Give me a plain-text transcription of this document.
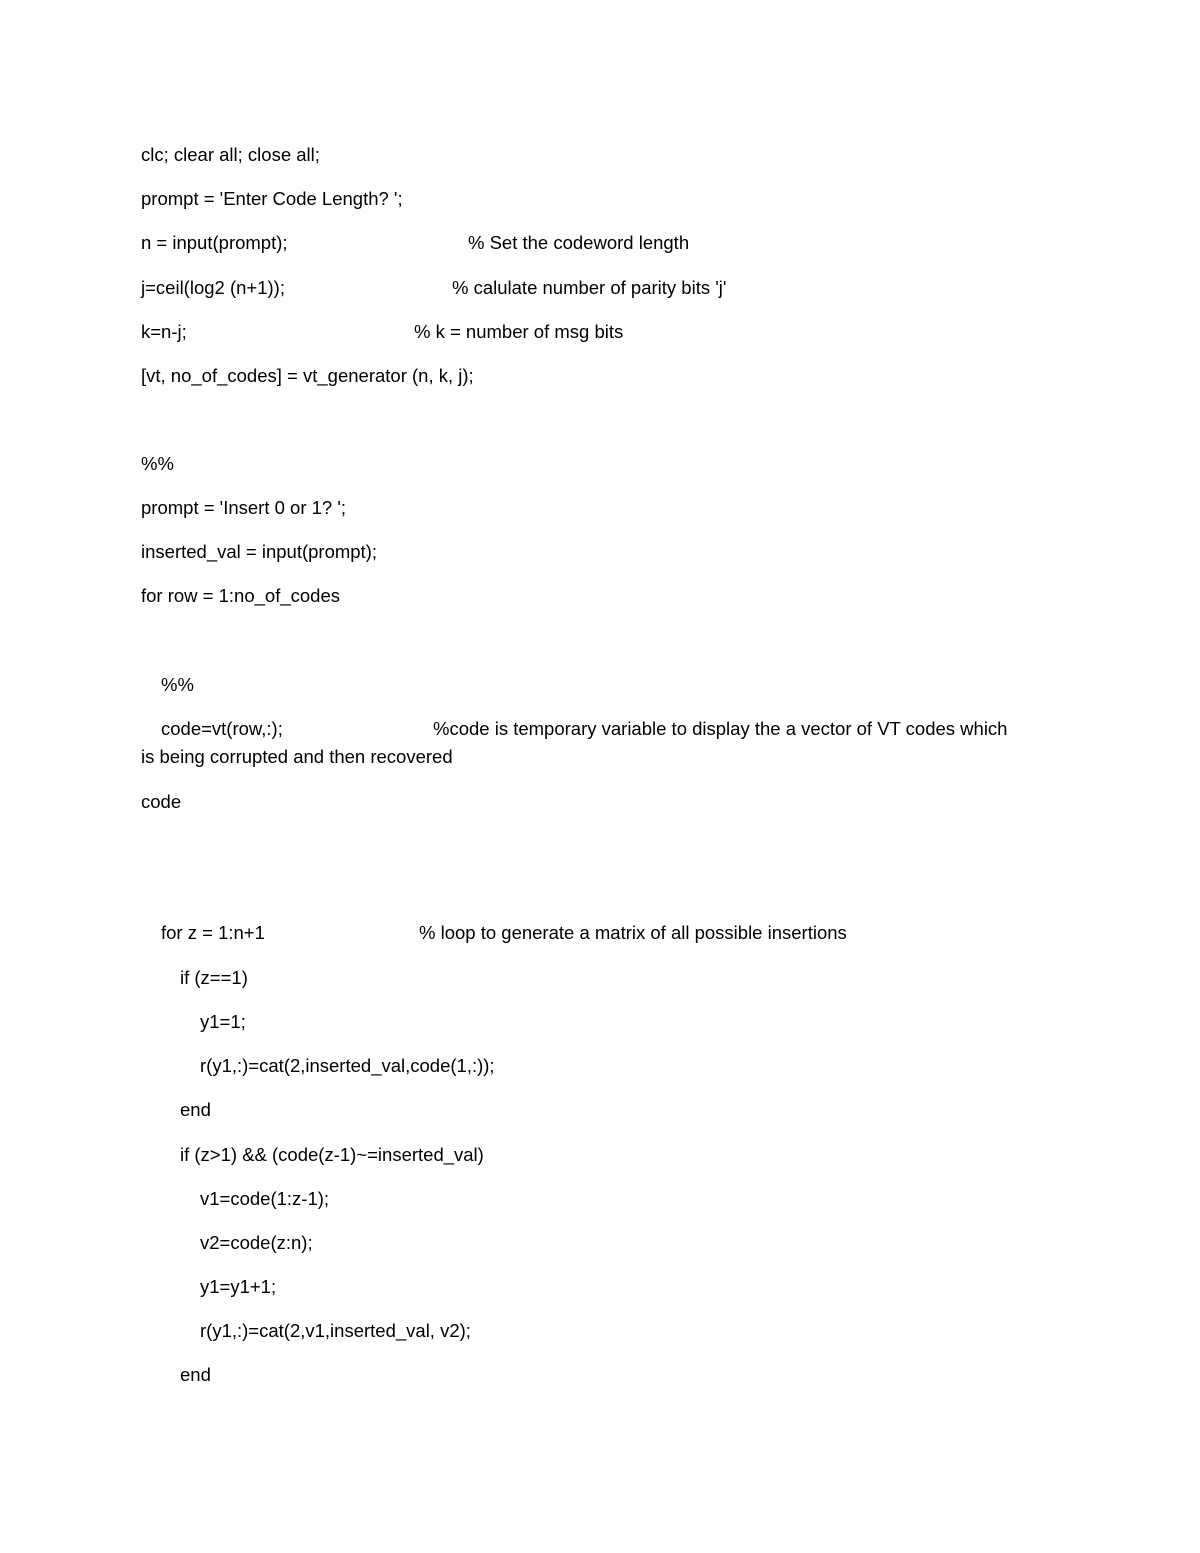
clc; clear all; close all;
prompt = 'Enter Code Length? ';
n = input(prompt);	% Set the codeword length
j=ceil(log2 (n+1));	% calulate number of parity bits 'j'
k=n-j;	% k = number of msg bits
[vt, no_of_codes] = vt_generator (n, k, j);
%%
prompt = 'Insert 0 or 1? ';
inserted_val = input(prompt);
for row = 1:no_of_codes
%%
code=vt(row,:);	%code is temporary variable to display the a vector of VT codes which
is being corrupted and then recovered
code
for z = 1:n+1	% loop to generate a matrix of all possible insertions
if (z==1)
y1=1;
r(y1,:)=cat(2,inserted_val,code(1,:));
end
if (z>1) && (code(z-1)~=inserted_val)
v1=code(1:z-1);
v2=code(z:n);
y1=y1+1;
r(y1,:)=cat(2,v1,inserted_val, v2);
end
